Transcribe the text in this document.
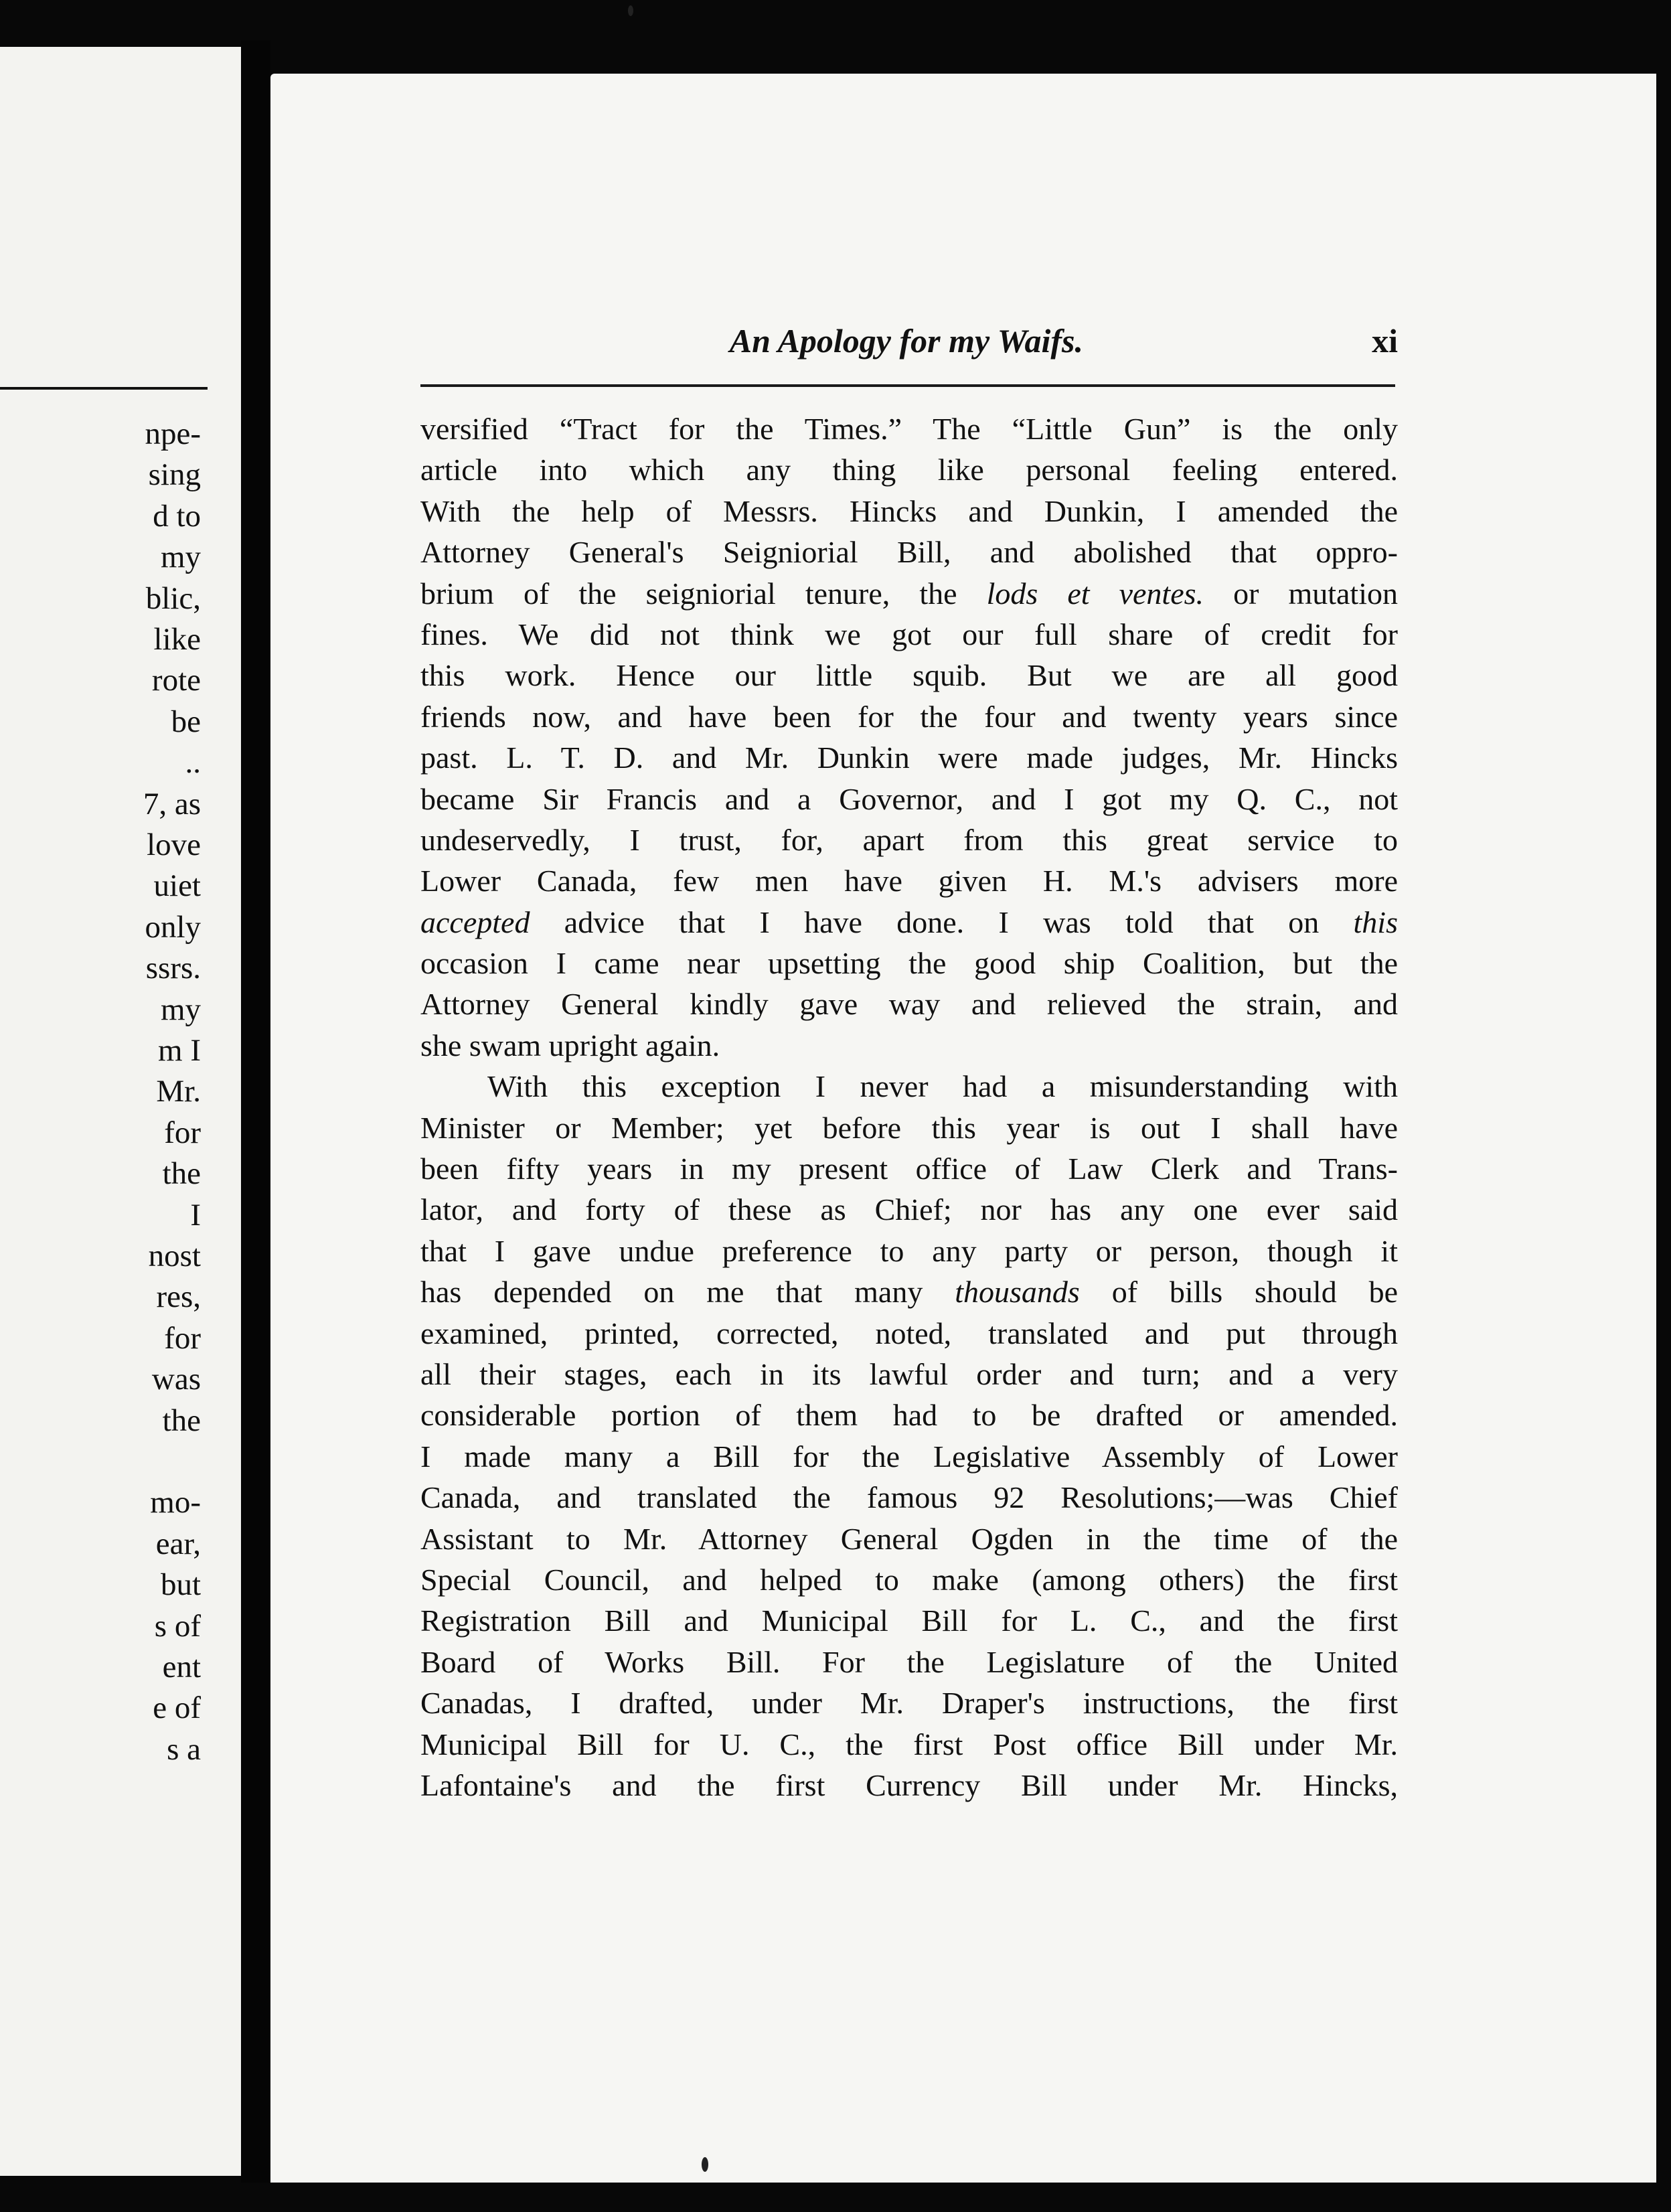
npe-
sing
d to
my
blic,
like
rote
be
..
7, as
love
uiet
only
ssrs.
my
m I
Mr.
for
the
I
nost
res,
for
was
the
mo-
ear,
but
s of
ent
e of
s a
An Apology for my Waifs.	xi
versified “Tract for the Times.” The “Little Gun” is the only
article into which any thing like personal feeling entered.
With the help of Messrs. Hincks and Dunkin, I amended the
Attorney General's Seigniorial Bill, and abolished that oppro-
brium of the seigniorial tenure, the lods et ventes. or mutation
fines. We did not think we got our full share of credit for
this work. Hence our little squib. But we are all good
friends now, and have been for the four and twenty years since
past. L. T. D. and Mr. Dunkin were made judges, Mr. Hincks
became Sir Francis and a Governor, and I got my Q. C., not
undeservedly, I trust, for, apart from this great service to
Lower Canada, few men have given H. M.'s advisers more
accepted advice that I have done. I was told that on this
occasion I came near upsetting the good ship Coalition, but the
Attorney General kindly gave way and relieved the strain, and
she swam upright again.
With this exception I never had a misunderstanding with
Minister or Member; yet before this year is out I shall have
been fifty years in my present office of Law Clerk and Trans-
lator, and forty of these as Chief; nor has any one ever said
that I gave undue preference to any party or person, though it
has depended on me that many thousands of bills should be
examined, printed, corrected, noted, translated and put through
all their stages, each in its lawful order and turn; and a very
considerable portion of them had to be drafted or amended.
I made many a Bill for the Legislative Assembly of Lower
Canada, and translated the famous 92 Resolutions;—was Chief
Assistant to Mr. Attorney General Ogden in the time of the
Special Council, and helped to make (among others) the first
Registration Bill and Municipal Bill for L. C., and the first
Board of Works Bill. For the Legislature of the United
Canadas, I drafted, under Mr. Draper's instructions, the first
Municipal Bill for U. C., the first Post office Bill under Mr.
Lafontaine's and the first Currency Bill under Mr. Hincks,
